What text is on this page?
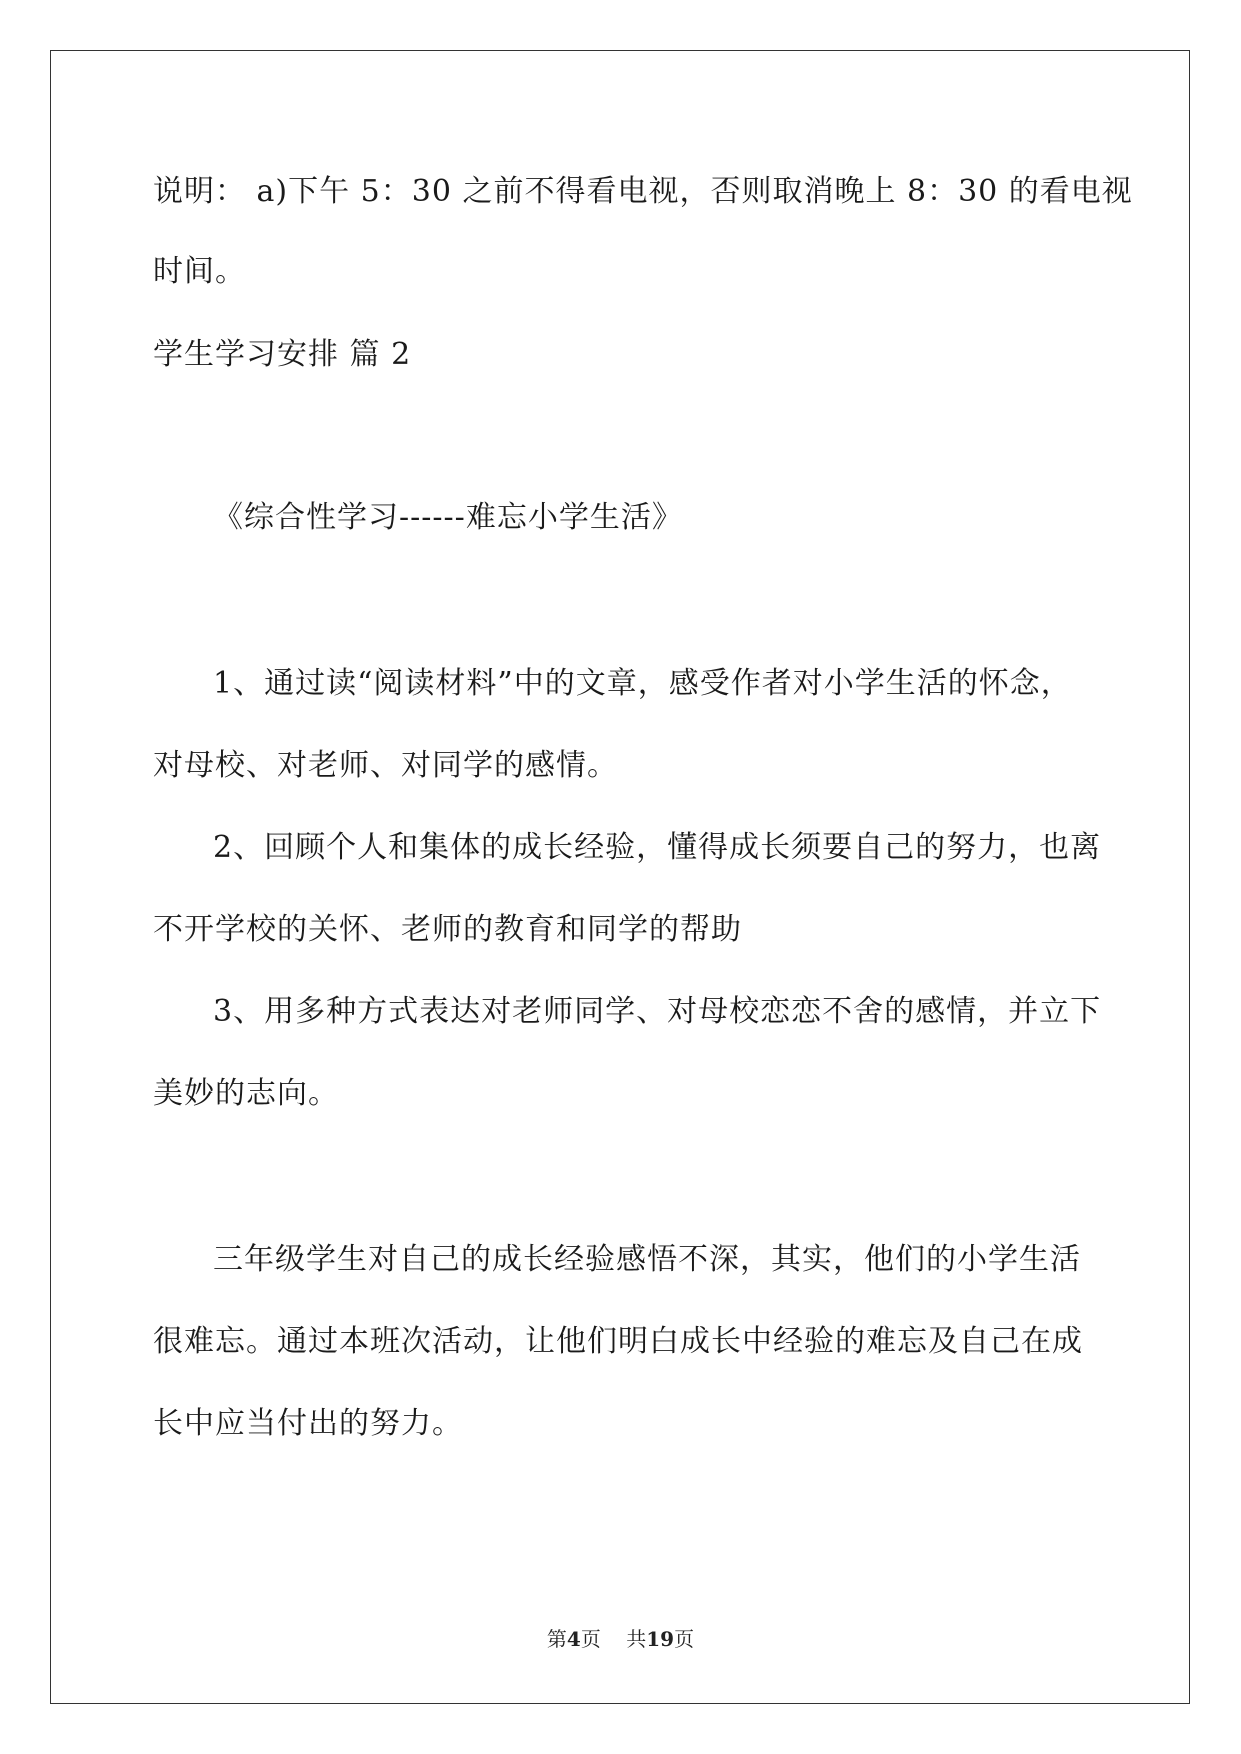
说明： a)下午 5：30 之前不得看电视，否则取消晚上 8：30 的看电视
时间。
学生学习安排 篇 2
《综合性学习------难忘小学生活》
1、通过读“阅读材料”中的文章，感受作者对小学生活的怀念，
对母校、对老师、对同学的感情。
2、回顾个人和集体的成长经验，懂得成长须要自己的努力，也离
不开学校的关怀、老师的教育和同学的帮助
3、用多种方式表达对老师同学、对母校恋恋不舍的感情，并立下
美妙的志向。
三年级学生对自己的成长经验感悟不深，其实，他们的小学生活
很难忘。通过本班次活动，让他们明白成长中经验的难忘及自己在成
长中应当付出的努力。
第4页    共19页
